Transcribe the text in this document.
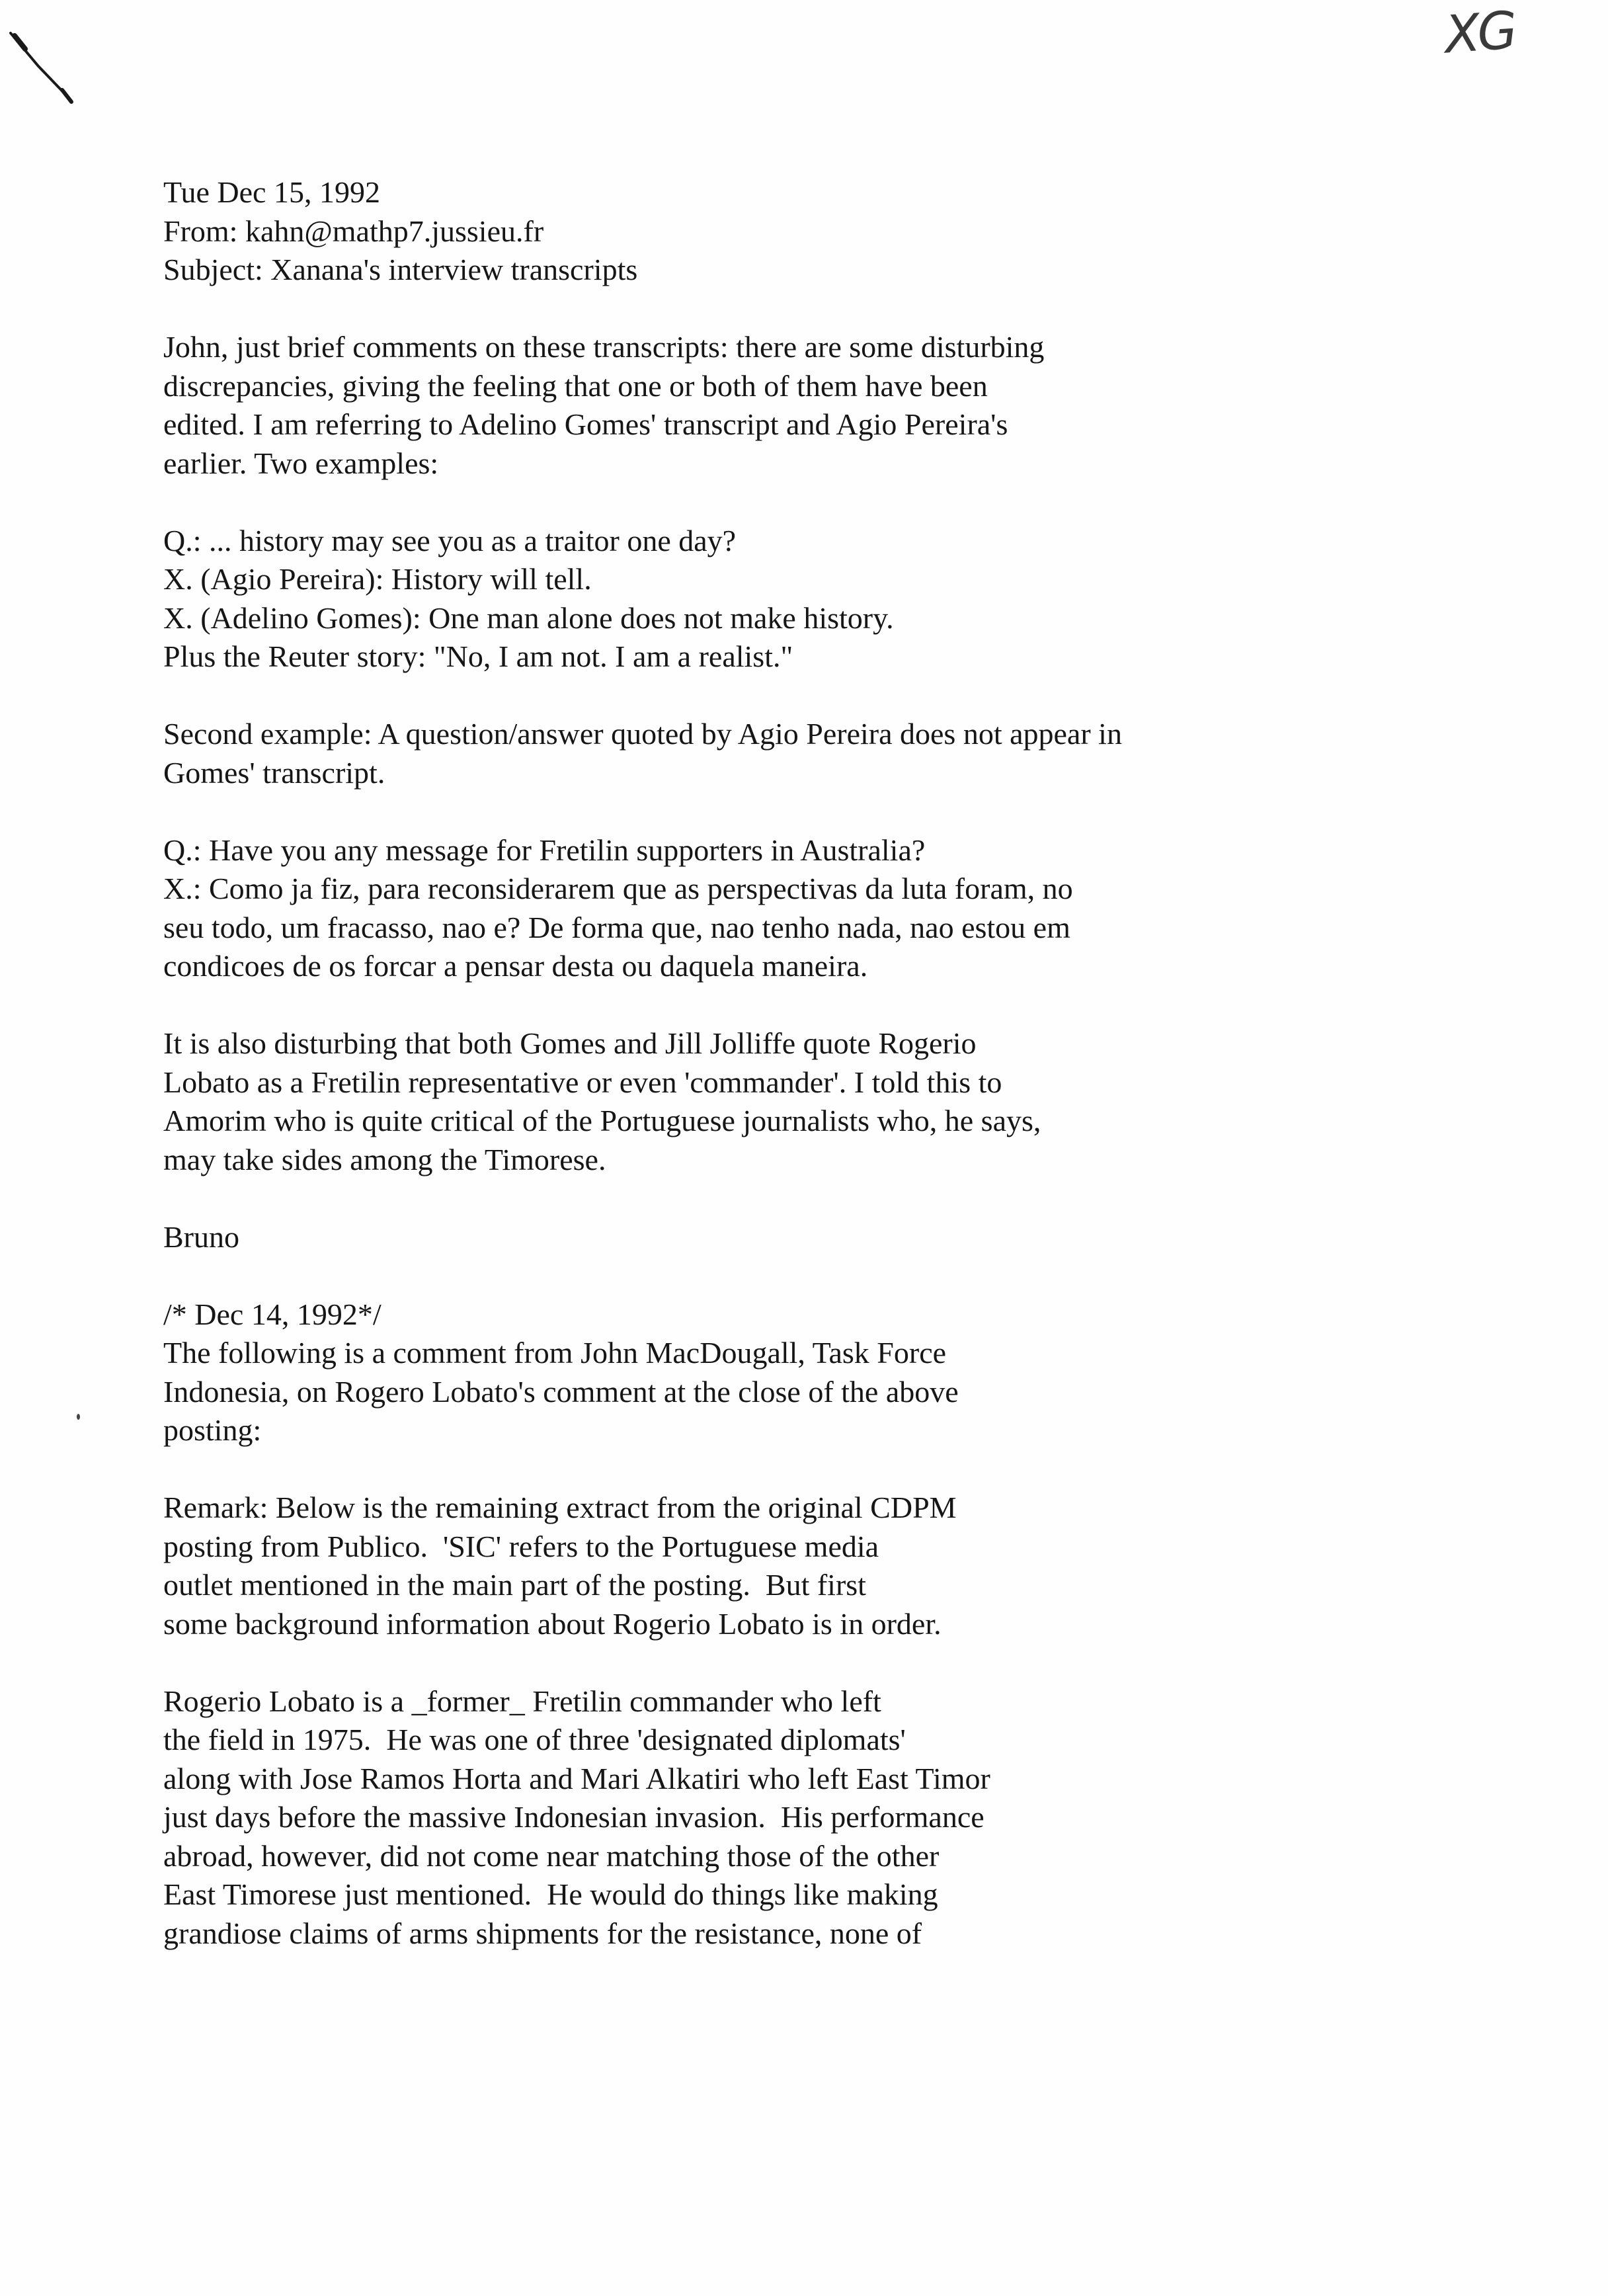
XG
Tue Dec 15, 1992
From: kahn@mathp7.jussieu.fr
Subject: Xanana's interview transcripts
John, just brief comments on these transcripts: there are some disturbing
discrepancies, giving the feeling that one or both of them have been
edited. I am referring to Adelino Gomes' transcript and Agio Pereira's
earlier. Two examples:
Q.: ... history may see you as a traitor one day?
X. (Agio Pereira): History will tell.
X. (Adelino Gomes): One man alone does not make history.
Plus the Reuter story: "No, I am not. I am a realist."
Second example: A question/answer quoted by Agio Pereira does not appear in
Gomes' transcript.
Q.: Have you any message for Fretilin supporters in Australia?
X.: Como ja fiz, para reconsiderarem que as perspectivas da luta foram, no
seu todo, um fracasso, nao e? De forma que, nao tenho nada, nao estou em
condicoes de os forcar a pensar desta ou daquela maneira.
It is also disturbing that both Gomes and Jill Jolliffe quote Rogerio
Lobato as a Fretilin representative or even 'commander'. I told this to
Amorim who is quite critical of the Portuguese journalists who, he says,
may take sides among the Timorese.
Bruno
/* Dec 14, 1992*/
The following is a comment from John MacDougall, Task Force
Indonesia, on Rogero Lobato's comment at the close of the above
posting:
Remark: Below is the remaining extract from the original CDPM
posting from Publico.  'SIC' refers to the Portuguese media
outlet mentioned in the main part of the posting.  But first
some background information about Rogerio Lobato is in order.
Rogerio Lobato is a _former_ Fretilin commander who left
the field in 1975.  He was one of three 'designated diplomats'
along with Jose Ramos Horta and Mari Alkatiri who left East Timor
just days before the massive Indonesian invasion.  His performance
abroad, however, did not come near matching those of the other
East Timorese just mentioned.  He would do things like making
grandiose claims of arms shipments for the resistance, none of
